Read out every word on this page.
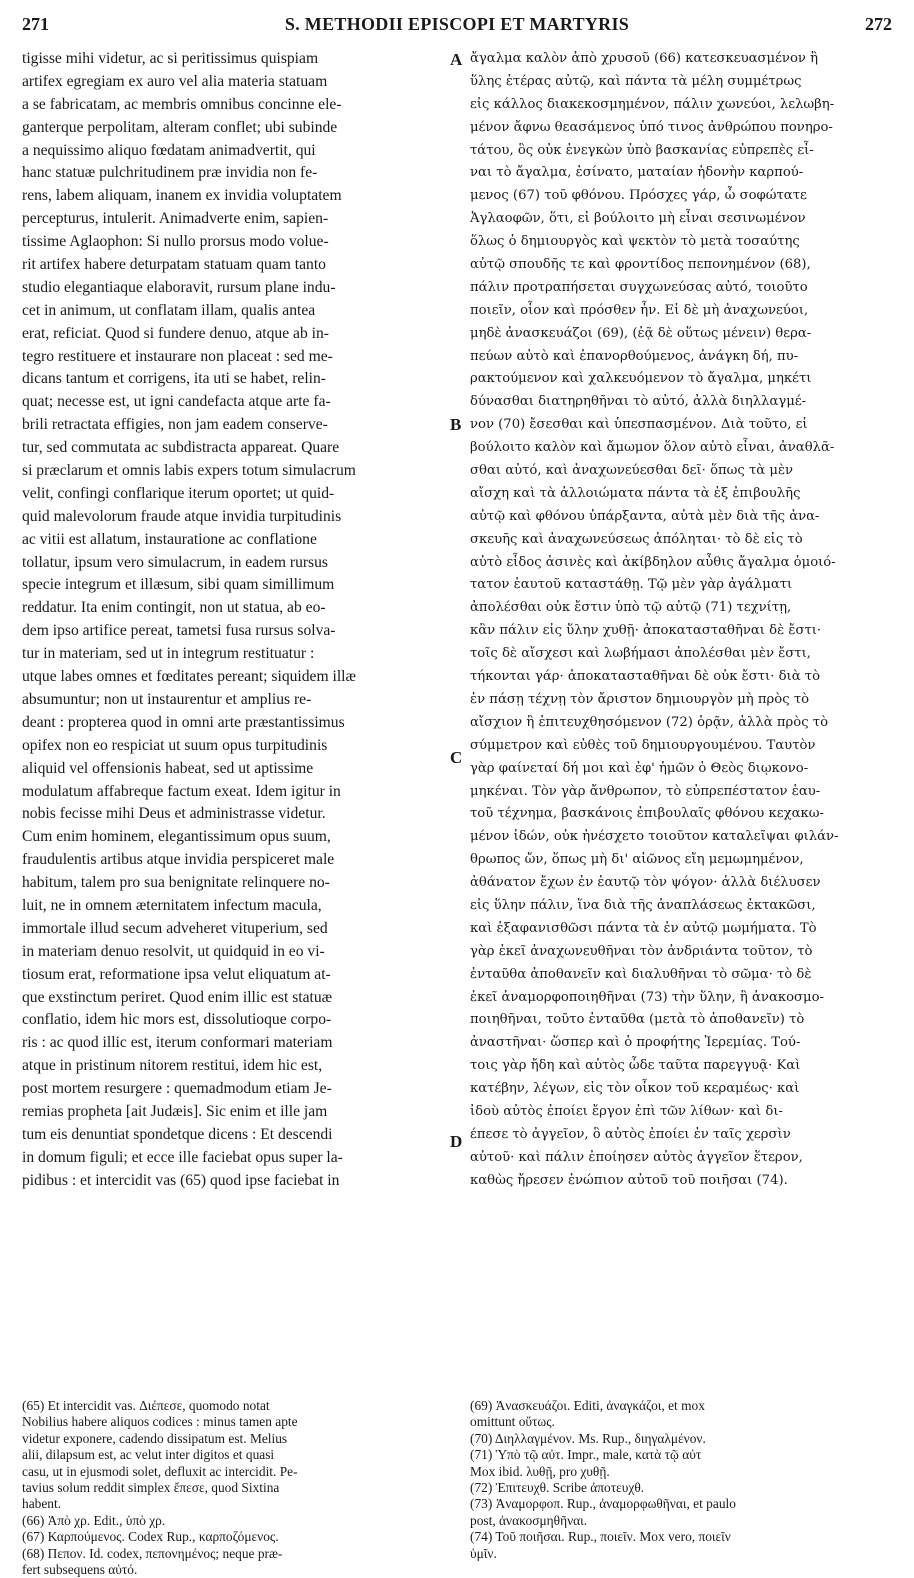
271	S. METHODII EPISCOPI ET MARTYRIS	272
tigisse mihi videtur, ac si peritissimus quispiam
artifex egregiam ex auro vel alia materia statuam
a se fabricatam, ac membris omnibus concinne ele-
ganterque perpolitam, alteram conflet; ubi subinde
a nequissimo aliquo fœdatam animadvertit, qui
hanc statuæ pulchritudinem præ invidia non fe-
rens, labem aliquam, inanem ex invidia voluptatem
percepturus, intulerit. Animadverte enim, sapien-
tissime Aglaophon: Si nullo prorsus modo volue-
rit artifex habere deturpatam statuam quam tanto
studio elegantiaque elaboravit, rursum plane indu-
cet in animum, ut conflatam illam, qualis antea
erat, reficiat. Quod si fundere denuo, atque ab in-
tegro restituere et instaurare non placeat : sed me-
dicans tantum et corrigens, ita uti se habet, relin-
quat; necesse est, ut igni candefacta atque arte fa-
brili retractata effigies, non jam eadem conserve-
tur, sed commutata ac subdistracta appareat. Quare
si præclarum et omnis labis expers totum simulacrum
velit, confingi conflarique iterum oportet; ut quid-
quid malevolorum fraude atque invidia turpitudinis
ac vitii est allatum, instauratione ac conflatione
tollatur, ipsum vero simulacrum, in eadem rursus
specie integrum et illæsum, sibi quam simillimum
reddatur. Ita enim contingit, non ut statua, ab eo-
dem ipso artifice pereat, tametsi fusa rursus solva-
tur in materiam, sed ut in integrum restituatur :
utque labes omnes et fœditates pereant; siquidem illæ
absumuntur; non ut instaurentur et amplius re-
deant : propterea quod in omni arte præstantissimus
opifex non eo respiciat ut suum opus turpitudinis
aliquid vel offensionis habeat, sed ut aptissime
modulatum affabreque factum exeat. Idem igitur in
nobis fecisse mihi Deus et administrasse videtur.
Cum enim hominem, elegantissimum opus suum,
fraudulentis artibus atque invidia perspiceret male
habitum, talem pro sua benignitate relinquere no-
luit, ne in omnem æternitatem infectum macula,
immortale illud secum adveheret vituperium, sed
in materiam denuo resolvit, ut quidquid in eo vi-
tiosum erat, reformatione ipsa velut eliquatum at-
que exstinctum periret. Quod enim illic est statuæ
conflatio, idem hic mors est, dissolutioque corpo-
ris : ac quod illic est, iterum conformari materiam
atque in pristinum nitorem restitui, idem hic est,
post mortem resurgere : quemadmodum etiam Je-
remias propheta [ait Judæis]. Sic enim et ille jam
tum eis denuntiat spondetque dicens : Et descendi
in domum figuli; et ecce ille faciebat opus super la-
pidibus : et intercidit vas (65) quod ipse faciebat in
ἄγαλμα καλὸν ἀπὸ χρυσοῦ (66) κατεσκευασμένον ἢ
ὕλης ἑτέρας αὐτῷ, καὶ πάντα τὰ μέλη συμμέτρως
εἰς κάλλος διακεκοσμημένον, πάλιν χωνεύοι, λελωβη-
μένον ἄφνω θεασάμενος ὑπό τινος ἀνθρώπου πονηρο-
τάτου, ὃς οὐκ ἐνεγκὼν ὑπὸ βασκανίας εὐπρεπὲς εἶ-
ναι τὸ ἄγαλμα, ἐσίνατο, ματαίαν ἡδονὴν καρπού-
μενος (67) τοῦ φθόνου. Πρόσχες γάρ, ὦ σοφώτατε
Ἀγλαοφῶν, ὅτι, εἰ βούλοιτο μὴ εἶναι σεσινωμένον
ὅλως ὁ δημιουργὸς καὶ ψεκτὸν τὸ μετὰ τοσαύτης
αὐτῷ σπουδῆς τε καὶ φροντίδος πεπονημένον (68),
πάλιν προτραπήσεται συγχωνεύσας αὐτό, τοιοῦτο
ποιεῖν, οἷον καὶ πρόσθεν ἦν. Εἰ δὲ μὴ ἀναχωνεύοι,
μηδὲ ἀνασκευάζοι (69), (ἐᾷ δὲ οὕτως μένειν) θερα-
πεύων αὐτὸ καὶ ἐπανορθούμενος, ἀνάγκη δή, πυ-
ρακτούμενον καὶ χαλκευόμενον τὸ ἄγαλμα, μηκέτι
δύνασθαι διατηρηθῆναι τὸ αὐτό, ἀλλὰ διηλλαγμέ-
νον (70) ἔσεσθαι καὶ ὑπεσπασμένον. Διὰ τοῦτο, εἰ
βούλοιτο καλὸν καὶ ἄμωμον ὅλον αὐτὸ εἶναι, ἀναθλᾶ-
σθαι αὐτό, καὶ ἀναχωνεύεσθαι δεῖ· ὅπως τὰ μὲν
αἴσχη καὶ τὰ ἀλλοιώματα πάντα τὰ ἐξ ἐπιβουλῆς
αὐτῷ καὶ φθόνου ὑπάρξαντα, αὐτὰ μὲν διὰ τῆς ἀνα-
σκευῆς καὶ ἀναχωνεύσεως ἀπόληται· τὸ δὲ εἰς τὸ
αὐτὸ εἶδος ἀσινὲς καὶ ἀκίβδηλον αὖθις ἄγαλμα ὁμοιό-
τατον ἑαυτοῦ καταστάθῃ. Τῷ μὲν γὰρ ἀγάλματι
ἀπολέσθαι οὐκ ἔστιν ὑπὸ τῷ αὐτῷ (71) τεχνίτῃ,
κἂν πάλιν εἰς ὕλην χυθῇ· ἀποκατασταθῆναι δὲ ἔστι·
τοῖς δὲ αἴσχεσι καὶ λωβήμασι ἀπολέσθαι μὲν ἔστι,
τήκονται γάρ· ἀποκατασταθῆναι δὲ οὐκ ἔστι· διὰ τὸ
ἐν πάσῃ τέχνῃ τὸν ἄριστον δημιουργὸν μὴ πρὸς τὸ
αἴσχιον ἢ ἐπιτευχθησόμενον (72) ὁρᾷν, ἀλλὰ πρὸς τὸ
σύμμετρον καὶ εὐθὲς τοῦ δημιουργουμένου. Ταυτὸν
γὰρ φαίνεταί δή μοι καὶ ἐφ' ἡμῶν ὁ Θεὸς διῳκονο-
μηκέναι. Τὸν γὰρ ἄνθρωπον, τὸ εὐπρεπέστατον ἑαυ-
τοῦ τέχνημα, βασκάνοις ἐπιβουλαῖς φθόνου κεχακω-
μένον ἰδών, οὐκ ἠνέσχετο τοιοῦτον καταλεῖψαι φιλάν-
θρωπος ὤν, ὅπως μὴ δι' αἰῶνος εἴη μεμωμημένον,
ἀθάνατον ἔχων ἐν ἑαυτῷ τὸν ψόγον· ἀλλὰ διέλυσεν
εἰς ὕλην πάλιν, ἵνα διὰ τῆς ἀναπλάσεως ἐκτακῶσι,
καὶ ἐξαφανισθῶσι πάντα τὰ ἐν αὐτῷ μωμήματα. Τὸ
γὰρ ἐκεῖ ἀναχωνευθῆναι τὸν ἀνδριάντα τοῦτον, τὸ
ἐνταῦθα ἀποθανεῖν καὶ διαλυθῆναι τὸ σῶμα· τὸ δὲ
ἐκεῖ ἀναμορφοποιηθῆναι (73) τὴν ὕλην, ἢ ἀνακοσμο-
ποιηθῆναι, τοῦτο ἐνταῦθα (μετὰ τὸ ἀποθανεῖν) τὸ
ἀναστῆναι· ὥσπερ καὶ ὁ προφήτης Ἱερεμίας. Τού-
τοις γὰρ ἤδη καὶ αὐτὸς ὧδε ταῦτα παρεγγυᾷ· Καὶ
κατέβην, λέγων, εἰς τὸν οἶκον τοῦ κεραμέως· καὶ
ἰδοὺ αὐτὸς ἐποίει ἔργον ἐπὶ τῶν λίθων· καὶ δι-
έπεσε τὸ ἀγγεῖον, ὃ αὐτὸς ἐποίει ἐν ταῖς χερσὶν
αὐτοῦ· καὶ πάλιν ἐποίησεν αὐτὸς ἀγγεῖον ἕτερον,
καθὼς ἤρεσεν ἐνώπιον αὐτοῦ τοῦ ποιῆσαι (74).
A
B
C
D
(65) Et intercidit vas. Διέπεσε, quomodo notat
Nobilius habere aliquos codices : minus tamen apte
videtur exponere, cadendo dissipatum est. Melius
alii, dilapsum est, ac velut inter digitos et quasi
casu, ut in ejusmodi solet, defluxit ac intercidit. Pe-
tavius solum reddit simplex ἔπεσε, quod Sixtina
habent.
(66) Ἀπὸ χρ. Edit., ὑπὸ χρ.
(67) Καρπούμενος. Codex Rup., καρποζόμενος.
(68) Πεπον. Id. codex, πεπονημένος; neque præ-
fert subsequens αὐτό.
(69) Ἀνασκευάζοι. Editi, ἀναγκάζοι, et mox
omittunt οὕτως.
(70) Διηλλαγμένον. Ms. Rup., διηγαλμένον.
(71) Ὑπὸ τῷ αὐτ. Impr., male, κατὰ τῷ αὐτ
Mox ibid. λυθῇ, pro χυθῇ.
(72) Ἐπιτευχθ. Scribe ἀποτευχθ.
(73) Ἀναμορφοπ. Rup., ἀναμορφωθῆναι, et paulo
post, ἀνακοσμηθῆναι.
(74) Τοῦ ποιῆσαι. Rup., ποιεῖν. Mox vero, ποιεῖν
ὑμῖν.
